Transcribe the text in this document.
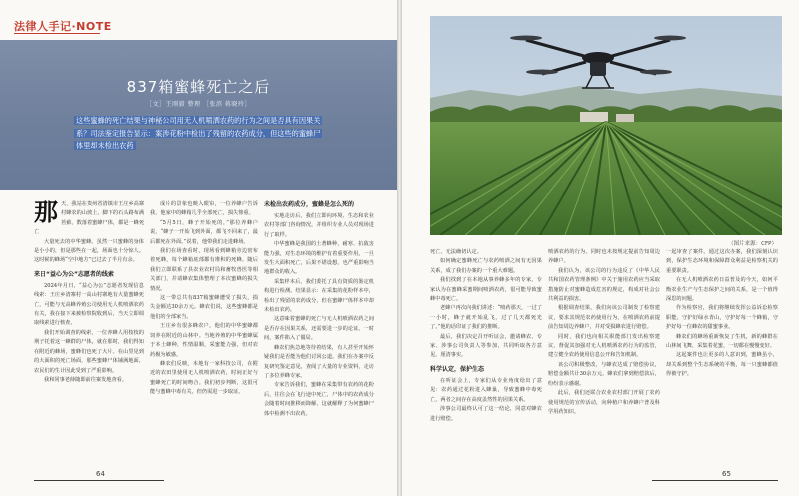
法律人手记·NOTE
837箱蜜蜂死亡之后
［文］王刚毅 整理 ［张滨 蒋晓玲］
这些蜜蜂的死亡结果与神秘公司用无人机喷洒农药的行为之间是否具有因果关系？司法鉴定报告显示：案涉花粉中检出了残留的农药成分，但这些的蜜蜂尸体里却未检出农药
那 天，我站在贵州省清镇市王庄乡高寨村蜂农的山坡上，脚下的石头路布满苔藓，数落着蜜蜂尸体，都是一蜂死亡

大量死去的中华蜜蜂。虽然一只蜜蜂的身体是小小的，但是那些在一起，场面也十分惊人。这时候的蜂场“空中地方”已过去了半月有余。

来日“益心为公”志愿者的线索

2024年月日，“益心为公”志愿者发现信息线索：王庄乡清寨村一高山村寨地有大量蜜蜂死亡，可能与无高蜂养殖公司使用无人机喷洒农药有关，我在接下来被检察院收到后，当天立即调取线索进行核查。

我们开始调查的线索，一位养蜂人用枝枝的荆子托着这一蜂群的尸体，就在那时，我们得知在附近的蜂场，蜜蜂们也死了大片。在山里见到的大面积的死亡场面，那些蜜蜂尸体铺满地面，农民们的生计因此受到了严重影响。

我和同事老薛随即前往案发地查看。

成片的景象也映入眼帘，一位养蜂户告诉我，他家中的蜂箱几乎全部死亡，损失惨重。

“5月5日，蜂子开始死的，”那位养蜂户说，“蜂子一开始飞到外面，都飞不回来了，最后都死在外面。”说着，他带我们走进蜂场。

我们在场查看时，现场看到蜂箱旁边密布着死蜂，每个蜂箱底部都有堆积的死蜂。随后我们立即联系了县农业农村局和畜牧兽医等相关部门，并请蜂农集体整理了本次蜜蜂的损失情况。

这一带总共有837箱蜜蜂遭受了损失，损失金额达30余万元。蜂农们说，这些蜜蜂都是他们的全部家当。

王庄乡有很多蜂农户，他们的中华蜜蜂都饲养在附近的山林中。当地养殖的中华蜜蜂属于本土蜂种，性情温顺，采蜜能力强，但对农药极为敏感。

蜂农们反映，本地有一家科技公司，在附近的农田里使用无人机喷洒农药，时间正好与蜜蜂死亡的时间吻合。我们初步判断，这很可能与蜜蜂中毒有关，但仍需进一步取证。

未检出农药成分，蜜蜂是怎么死的

实地走访后，我们立即向环境、生态和农业农村等部门咨询情况，并组织专业人员对现场进行了取样。

中华蜜蜂是我国的土著蜂种，耐寒、抗敌害能力强，对生态环境的维护有着重要作用。一旦发生大面积死亡，后果不堪设想，也严重影响当地群众的收入。

采集样本后，我们委托了具有资质的鉴定机构进行检测。结果显示：在采集的花粉样本中，检出了残留的农药成分，但在蜜蜂尸体样本中却未检出农药。

这意味着蜜蜂的死亡与无人机喷洒农药之间是否存在因果关系，还需要进一步的论证。一时间，案件陷入了僵局。

蜂农们焦急地等待着结果，有人甚至开始怀疑我们是否能为他们讨回公道。我们在办案中反复研究鉴定意见，查阅了大量的专业资料，走访了多位养蜂专家。

专家告诉我们，蜜蜂在采集带有农药的花粉后，往往会在飞行途中死亡，尸体中的农药成分会随着时间推移而降解，这就解释了为何蜜蜂尸体中检测不出农药。

64
（图片来源：CFP）

死亡，无法确切认定。

如何确定蜜蜂死亡与农药喷洒之间有无因果关系，成了我们办案的一个重大难题。

我们找到了在本地从事养蜂多年的专家，专家认为在蜜蜂采蜜期间喷洒农药，很可能导致蜜蜂中毒死亡。

老蜂户再次向我们讲述：“喷药那天，一过了一小时，蜂子就开始乱飞，过了几天都死光了。”他的话印证了我们的推断。

最后，我们决定召开听证会，邀请蜂农、专家、涉事公司负责人等参加，共同听取各方意见，厘清事实。

科学认定，保护生态

在听证会上，专家们从专业角度给出了意见：农药通过花粉进入蜂巢，导致蜜蜂中毒死亡，两者之间存在高度盖然性的因果关系。

涉事公司最终认可了这一结论，同意对蜂农进行赔偿。

喷洒农药的行为，同时也未按规定提前告知周边养蜂户。

我们认为，该公司的行为违反了《中华人民共和国农药管理条例》中关于施用农药应当采取措施防止对蜜蜂造成危害的规定，构成对社会公共利益的损害。

根据调查结果，我们向该公司制发了检察建议，要求其规范农药使用行为，在喷洒农药前提前告知周边养蜂户，并对受损蜂农进行赔偿。

同时，我们也向相关职能部门发出检察建议，督促其加强对无人机喷洒农药行为的监管，建立健全农药使用信息公开和告知机制。

该公司积极整改，与蜂农达成了赔偿协议，赔偿金额共计30余万元。蜂农们拿到赔偿款后，纷纷表示感谢。

此后，我们还联合农业农村部门开展了农药使用规范的宣传活动，向种植户和养蜂户普及科学用药知识。

一起审查了案件。通过这次办案，我们深刻认识到，保护生态环境和保障群众利益是检察机关的重要职责。

在无人机喷洒农药日益普及的今天，如何平衡农业生产与生态保护之间的关系，是一个值得深思的问题。

作为检察官，我们将继续发挥公益诉讼检察职能，守护好绿水青山，守护好每一个蜂箱，守护好每一位蜂农的甜蜜事业。

蜂农们的蜂场重新恢复了生机，新的蜂群在山林间飞舞，采集着花蜜，一切都在慢慢变好。

这起案件也让更多的人意识到，蜜蜂虽小，却关系到整个生态系统的平衡，每一只蜜蜂都值得被守护。

65
